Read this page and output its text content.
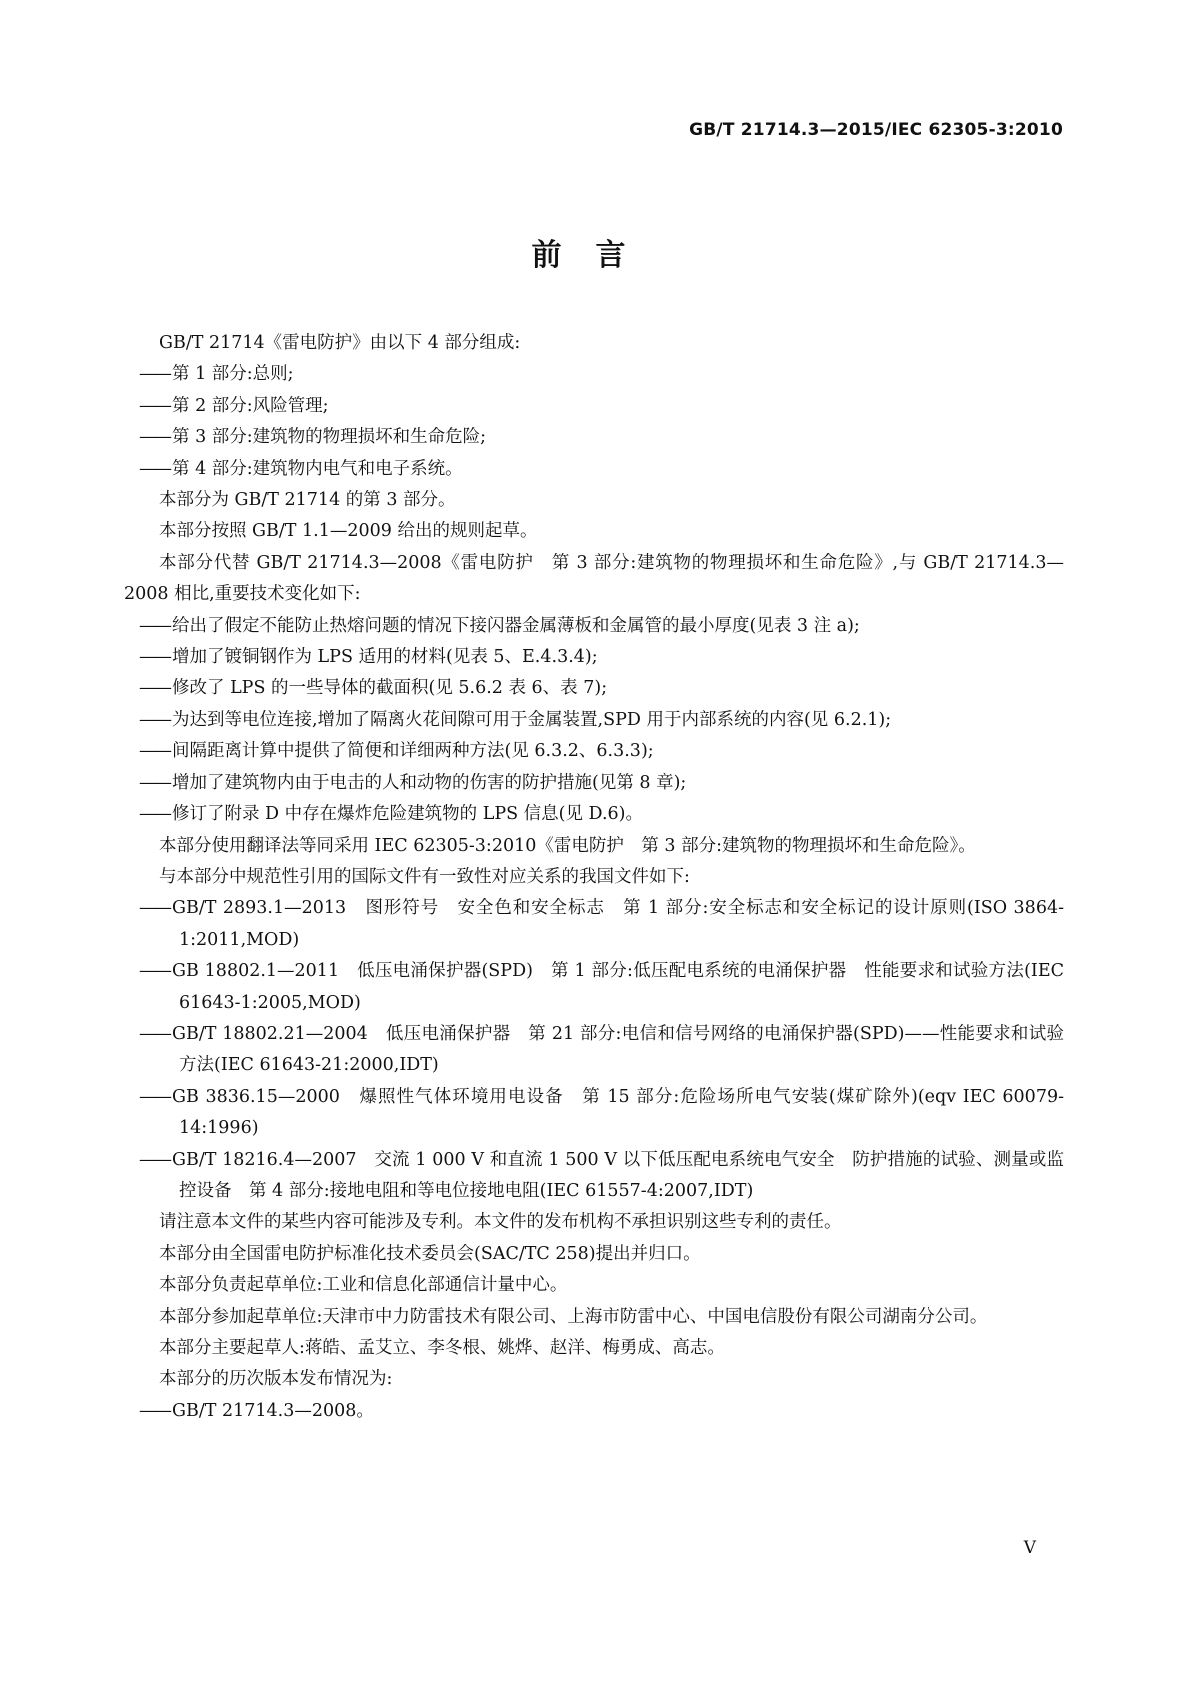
GB/T 21714.3—2015/IEC 62305-3:2010
前言
GB/T 21714《雷电防护》由以下 4 部分组成:
—— 第 1 部分:总则;
—— 第 2 部分:风险管理;
—— 第 3 部分:建筑物的物理损坏和生命危险;
—— 第 4 部分:建筑物内电气和电子系统。
本部分为 GB/T 21714 的第 3 部分。
本部分按照 GB/T 1.1—2009 给出的规则起草。
本部分代替 GB/T 21714.3—2008《雷电防护　第 3 部分:建筑物的物理损坏和生命危险》,与 GB/T 21714.3—2008 相比,重要技术变化如下:
—— 给出了假定不能防止热熔问题的情况下接闪器金属薄板和金属管的最小厚度(见表 3 注 a);
—— 增加了镀铜钢作为 LPS 适用的材料(见表 5、E.4.3.4);
—— 修改了 LPS 的一些导体的截面积(见 5.6.2 表 6、表 7);
—— 为达到等电位连接,增加了隔离火花间隙可用于金属装置,SPD 用于内部系统的内容(见 6.2.1);
—— 间隔距离计算中提供了简便和详细两种方法(见 6.3.2、6.3.3);
—— 增加了建筑物内由于电击的人和动物的伤害的防护措施(见第 8 章);
—— 修订了附录 D 中存在爆炸危险建筑物的 LPS 信息(见 D.6)。
本部分使用翻译法等同采用 IEC 62305-3:2010《雷电防护　第 3 部分:建筑物的物理损坏和生命危险》。
与本部分中规范性引用的国际文件有一致性对应关系的我国文件如下:
—— GB/T 2893.1—2013　图形符号　安全色和安全标志　第 1 部分:安全标志和安全标记的设计原则(ISO 3864-1:2011,MOD)
—— GB 18802.1—2011　低压电涌保护器(SPD)　第 1 部分:低压配电系统的电涌保护器　性能要求和试验方法(IEC 61643-1:2005,MOD)
—— GB/T 18802.21—2004　低压电涌保护器　第 21 部分:电信和信号网络的电涌保护器(SPD)——性能要求和试验方法(IEC 61643-21:2000,IDT)
—— GB 3836.15—2000　爆照性气体环境用电设备　第 15 部分:危险场所电气安装(煤矿除外)(eqv IEC 60079-14:1996)
—— GB/T 18216.4—2007　交流 1 000 V 和直流 1 500 V 以下低压配电系统电气安全　防护措施的试验、测量或监控设备　第 4 部分:接地电阻和等电位接地电阻(IEC 61557-4:2007,IDT)
请注意本文件的某些内容可能涉及专利。本文件的发布机构不承担识别这些专利的责任。
本部分由全国雷电防护标准化技术委员会(SAC/TC 258)提出并归口。
本部分负责起草单位:工业和信息化部通信计量中心。
本部分参加起草单位:天津市中力防雷技术有限公司、上海市防雷中心、中国电信股份有限公司湖南分公司。
本部分主要起草人:蒋皓、孟艾立、李冬根、姚烨、赵洋、梅勇成、高志。
本部分的历次版本发布情况为:
—— GB/T 21714.3—2008。
V
